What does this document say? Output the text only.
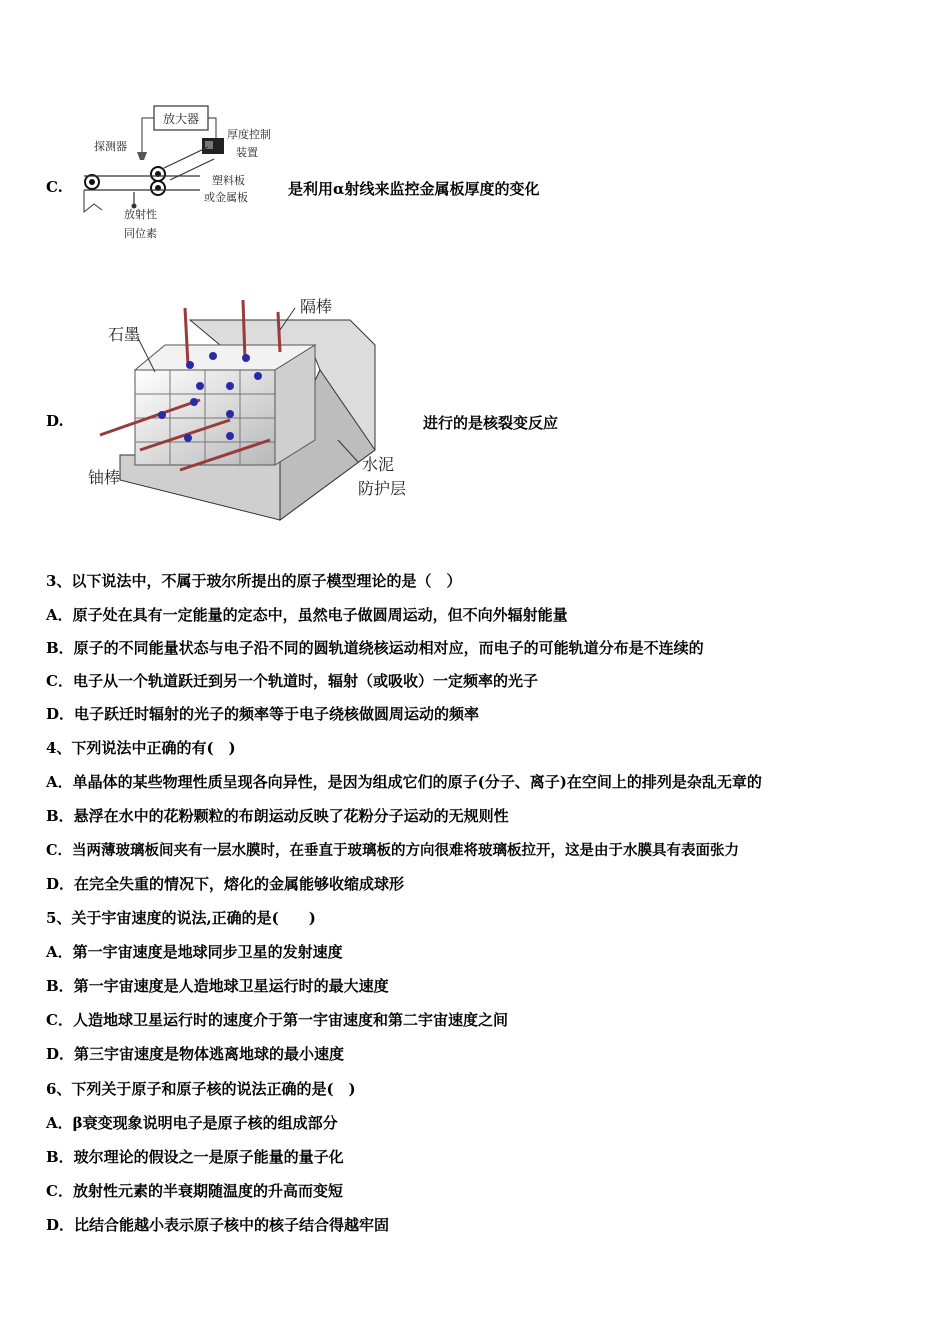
C.
放大器
探测器
厚度控制
装置
放射性
同位素
塑料板
或金属板	是利用α射线来监控金属板厚度的变化
D.
石墨
隔棒
铀棒
水泥
防护层
进行的是核裂变反应
3、以下说法中，不属于玻尔所提出的原子模型理论的是（　）
A．原子处在具有一定能量的定态中，虽然电子做圆周运动，但不向外辐射能量
B．原子的不同能量状态与电子沿不同的圆轨道绕核运动相对应，而电子的可能轨道分布是不连续的
C．电子从一个轨道跃迁到另一个轨道时，辐射（或吸收）一定频率的光子
D．电子跃迁时辐射的光子的频率等于电子绕核做圆周运动的频率
4、下列说法中正确的有(　)
A．单晶体的某些物理性质呈现各向异性，是因为组成它们的原子(分子、离子)在空间上的排列是杂乱无章的
B．悬浮在水中的花粉颗粒的布朗运动反映了花粉分子运动的无规则性
C．当两薄玻璃板间夹有一层水膜时，在垂直于玻璃板的方向很难将玻璃板拉开，这是由于水膜具有表面张力
D．在完全失重的情况下，熔化的金属能够收缩成球形
5、关于宇宙速度的说法,正确的是(　　)
A．第一宇宙速度是地球同步卫星的发射速度
B．第一宇宙速度是人造地球卫星运行时的最大速度
C．人造地球卫星运行时的速度介于第一宇宙速度和第二宇宙速度之间
D．第三宇宙速度是物体逃离地球的最小速度
6、下列关于原子和原子核的说法正确的是(　)
A．β衰变现象说明电子是原子核的组成部分
B．玻尔理论的假设之一是原子能量的量子化
C．放射性元素的半衰期随温度的升高而变短
D．比结合能越小表示原子核中的核子结合得越牢固
